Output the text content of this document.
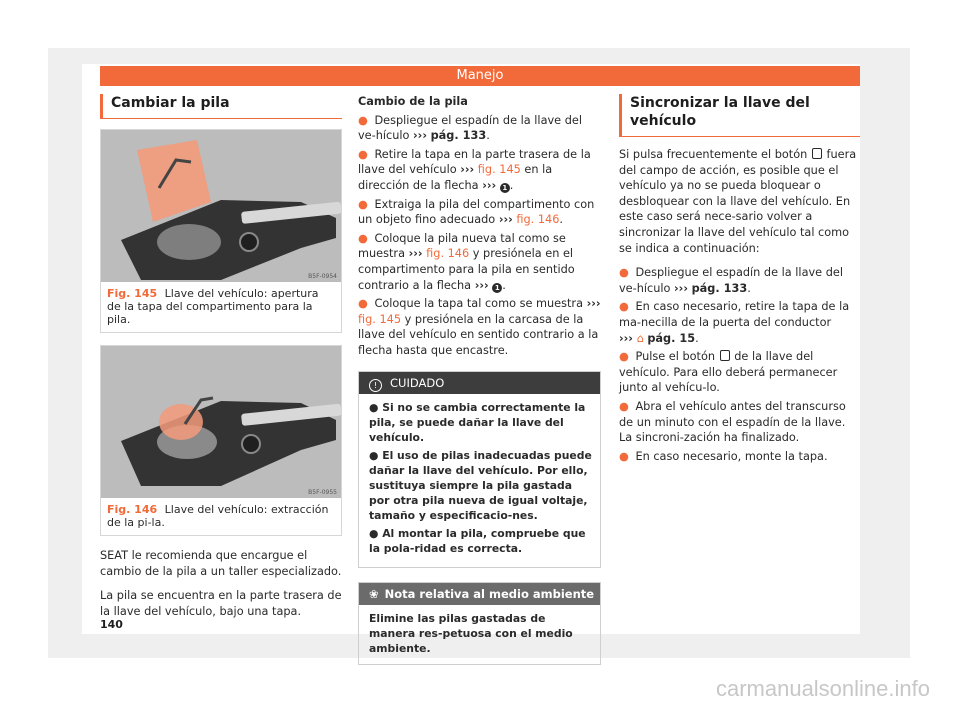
Manejo
Cambiar la pila
B5F-0954
Fig. 145 Llave del vehículo: apertura de la tapa del compartimento para la pila.
B5F-0955
Fig. 146 Llave del vehículo: extracción de la pi-la.

SEAT le recomienda que encargue el cambio de la pila a un taller especializado.

La pila se encuentra en la parte trasera de la llave del vehículo, bajo una tapa.

Cambio de la pila
● Despliegue el espadín de la llave del ve-hículo ››› pág. 133.
● Retire la tapa en la parte trasera de la llave del vehículo ››› fig. 145 en la dirección de la flecha ››› 1 .
● Extraiga la pila del compartimento con un objeto fino adecuado ››› fig. 146.
● Coloque la pila nueva tal como se muestra ››› fig. 146 y presiónela en el compartimento para la pila en sentido contrario a la flecha ››› 1 .
● Coloque la tapa tal como se muestra ››› fig. 145 y presiónela en la carcasa de la llave del vehículo en sentido contrario a la flecha hasta que encastre.
! CUIDADO
● Si no se cambia correctamente la pila, se puede dañar la llave del vehículo.
● El uso de pilas inadecuadas puede dañar la llave del vehículo. Por ello, sustituya siempre la pila gastada por otra pila nueva de igual voltaje, tamaño y especificacio-nes.
● Al montar la pila, compruebe que la pola-ridad es correcta.
❀ Nota relativa al medio ambiente
Elimine las pilas gastadas de manera res-petuosa con el medio ambiente.
Sincronizar la llave del vehículo

Si pulsa frecuentemente el botón fuera del campo de acción, es posible que el vehículo ya no se pueda bloquear o desbloquear con la llave del vehículo. En este caso será nece-sario volver a sincronizar la llave del vehículo tal como se indica a continuación:

● Despliegue el espadín de la llave del ve-hículo ››› pág. 133.
● En caso necesario, retire la tapa de la ma-necilla de la puerta del conductor
››› ⌂ pág. 15.
● Pulse el botón de la llave del vehículo. Para ello deberá permanecer junto al vehícu-lo.
● Abra el vehículo antes del transcurso de un minuto con el espadín de la llave. La sincroni-zación ha finalizado.
● En caso necesario, monte la tapa.
140
carmanualsonline.info
